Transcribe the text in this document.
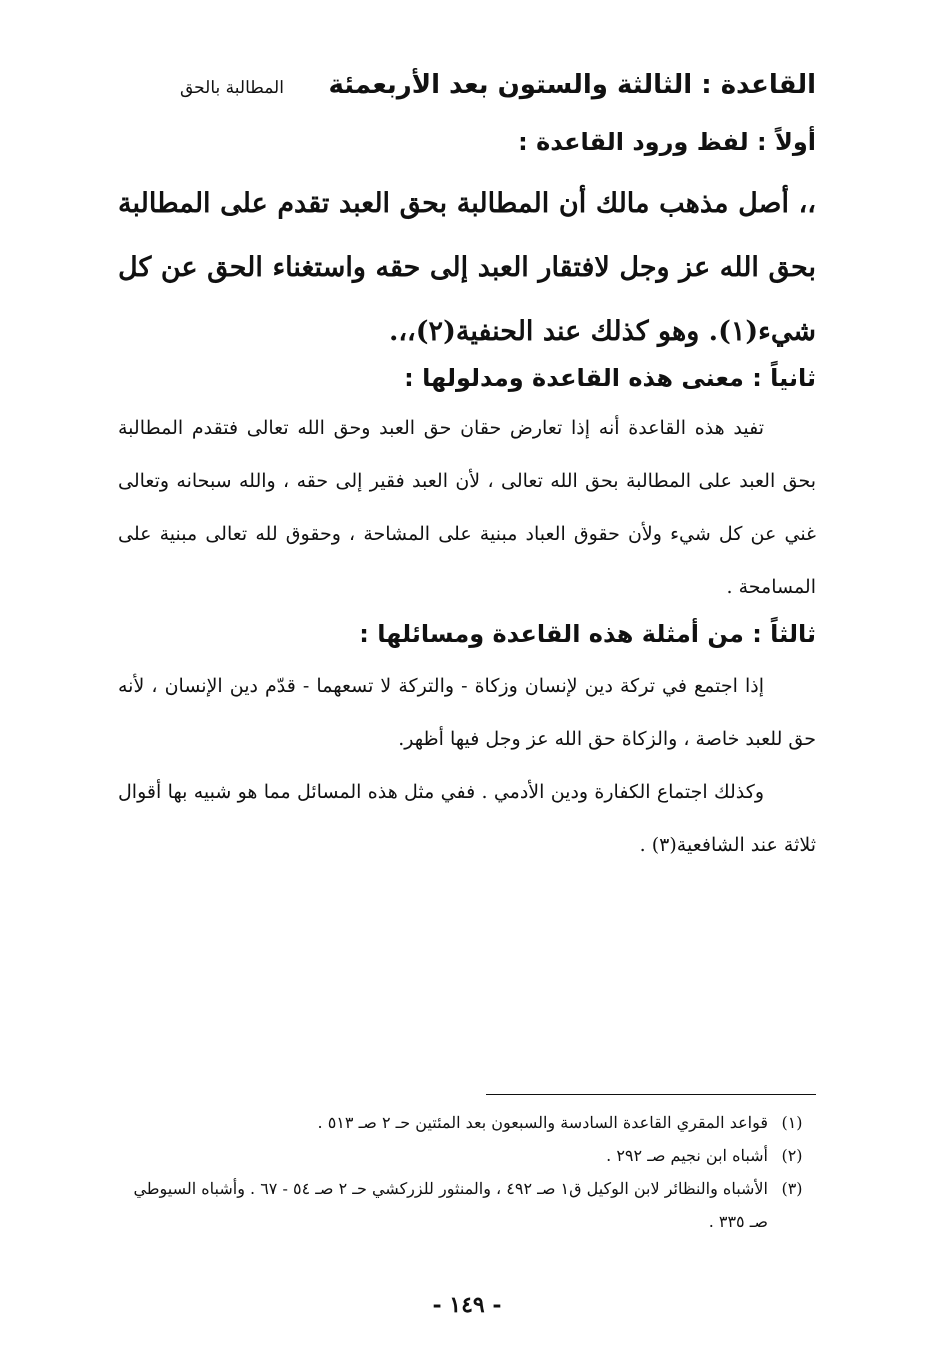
القاعدة : الثالثة والستون بعد الأربعمئة
المطالبة بالحق
أولاً : لفظ ورود القاعدة :
،، أصل مذهب مالك أن المطالبة بحق العبد تقدم على المطالبة بحق الله عز وجل لافتقار العبد إلى حقه واستغناء الحق عن كل شيء(١). وهو كذلك عند الحنفية(٢)،،.
ثانياً : معنى هذه القاعدة ومدلولها :

تفيد هذه القاعدة أنه إذا تعارض حقان حق العبد وحق الله تعالى فتقدم المطالبة بحق العبد على المطالبة بحق الله تعالى ، لأن العبد فقير إلى حقه ، والله سبحانه وتعالى غني عن كل شيء ولأن حقوق العباد مبنية على المشاحة ، وحقوق لله تعالى مبنية على المسامحة .

ثالثاً : من أمثلة هذه القاعدة ومسائلها :

إذا اجتمع في تركة دين لإنسان وزكاة - والتركة لا تسعهما - قدّم دين الإنسان ، لأنه حق للعبد خاصة ، والزكاة حق الله عز وجل فيها أظهر.

وكذلك اجتماع الكفارة ودين الأدمي . ففي مثل هذه المسائل مما هو شبيه بها أقوال ثلاثة عند الشافعية(٣) .

(١)
قواعد المقري القاعدة السادسة والسبعون بعد المئتين حـ ٢ صـ ٥١٣ .
(٢)
أشباه ابن نجيم صـ ٢٩٢ .
(٣)
الأشباه والنظائر لابن الوكيل ق١ صـ ٤٩٢ ، والمنثور للزركشي حـ ٢ صـ ٥٤ - ٦٧ . وأشباه السيوطي صـ ٣٣٥ .
- ١٤٩ -
